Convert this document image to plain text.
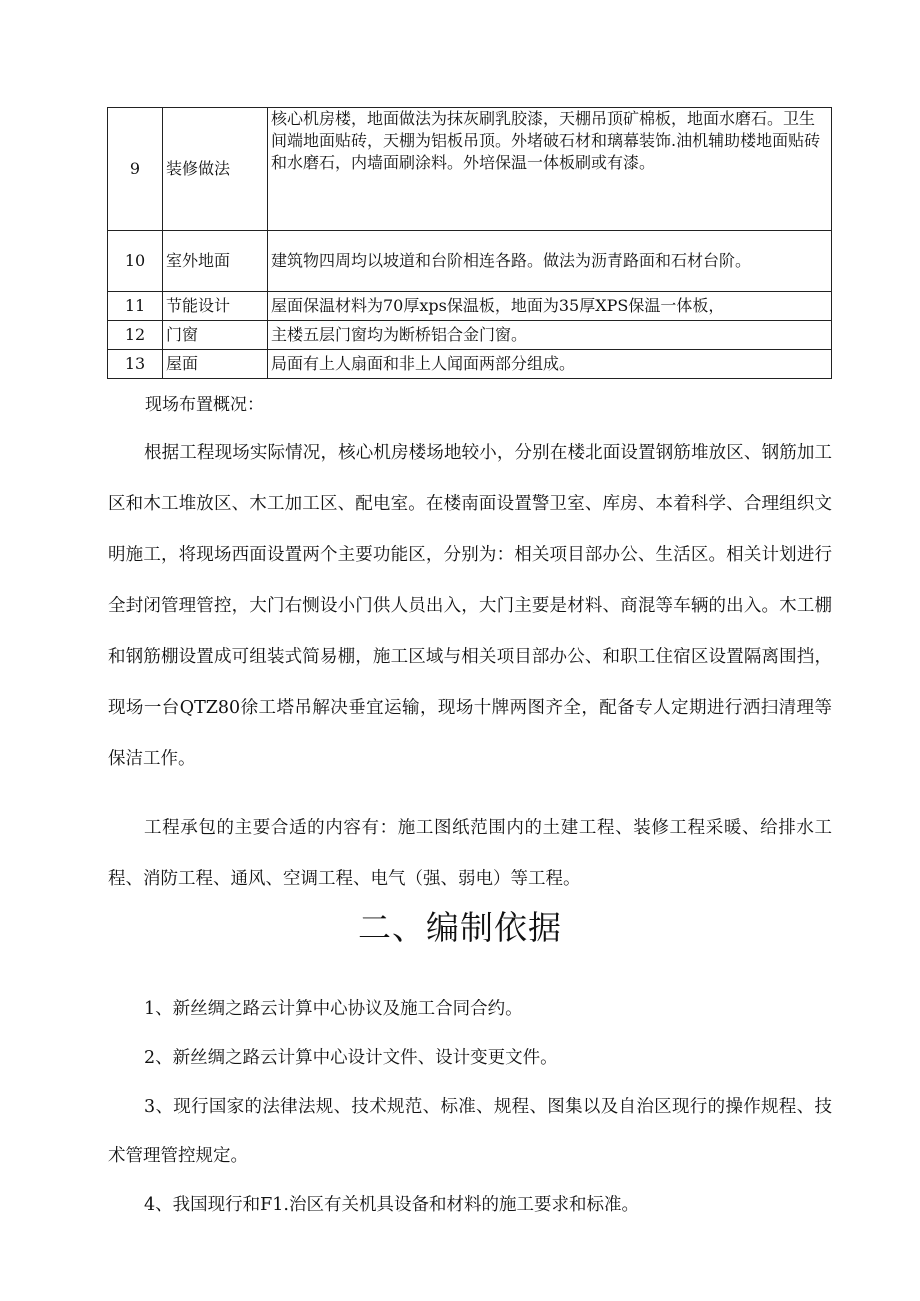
9	装修做法	核心机房楼，地面做法为抹灰刷乳胶漆，天棚吊顶矿棉板，地面水磨石。卫生间端地面贴砖，天棚为铝板吊顶。外堵破石材和璃幕装饰.油机辅助楼地面贴砖和水磨石，内墙面刷涂料。外培保温一体板刷或有漆。
10	室外地面	建筑物四周均以坡道和台阶相连各路。做法为沥青路面和石材台阶。
11	节能设计	屋面保温材料为70厚xps保温板，地面为35厚XPS保温一体板，
12	门窗	主楼五层门窗均为断桥铝合金门窗。
13	屋面	局面有上人扇面和非上人闻面两部分组成。
现场布置概况：

根据工程现场实际情况，核心机房楼场地较小，分别在楼北面设置钢筋堆放区、钢筋加工区和木工堆放区、木工加工区、配电室。在楼南面设置警卫室、库房、本着科学、合理组织文明施工，将现场西面设置两个主要功能区，分别为：相关项目部办公、生活区。相关计划进行全封闭管理管控，大门右恻设小门供人员出入，大门主要是材料、商混等车辆的出入。木工棚和钢筋棚设置成可组装式简易棚，施工区域与相关项目部办公、和职工住宿区设置隔离围挡，现场一台QTZ80徐工塔吊解决垂宜运输，现场十牌两图齐全，配备专人定期进行洒扫清理等保洁工作。

工程承包的主要合适的内容有：施工图纸范围内的土建工程、装修工程采暖、给排水工程、消防工程、通风、空调工程、电气（强、弱电）等工程。

二、编制依据
1、新丝绸之路云计算中心协议及施工合同合约。
2、新丝绸之路云计算中心设计文件、设计变更文件。
3、现行国家的法律法规、技术规范、标准、规程、图集以及自治区现行的操作规程、技术管理管控规定。
4、我国现行和F1.治区有关机具设备和材料的施工要求和标准。
